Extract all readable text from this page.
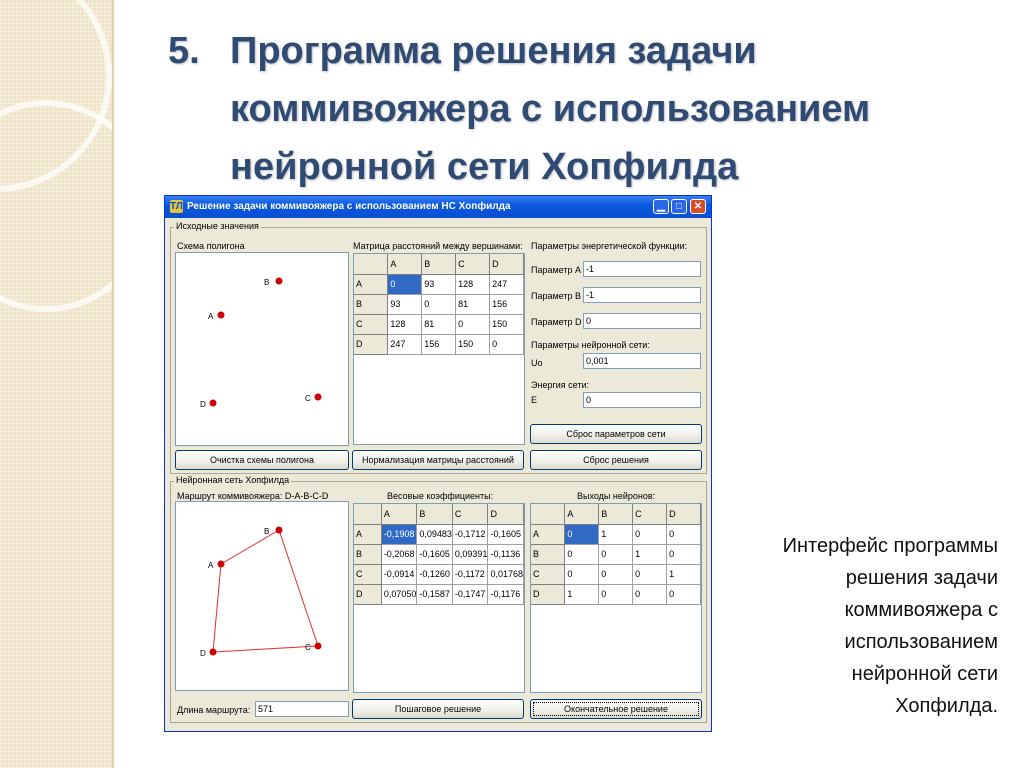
5. Программа решения задачи
коммивояжера с использованием
нейронной сети Хопфилда
Интерфейс программы
решения задачи
коммивояжера с
использованием
нейронной сети
Хопфилда.
ТЛ Решение задачи коммивояжера с использованием НС Хопфилда	▁	□	✕
Исходные значения
Схема полигона
B
A
C
D
Матрица расстояний между вершинами:
	A	B	C	D
A	0	93	128	247
B	93	0	81	156
C	128	81	0	150
D	247	156	150	0
Параметры энергетической функции:
Параметр A -1
Параметр B -1
Параметр D 0
Параметры нейронной сети:
Uo	0,001
Энергия сети:
E	0
Сброс параметров сети
Очистка схемы полигона	Нормализация матрицы расстояний	Сброс решения
Нейронная сеть Хопфилда
Маршрут коммивояжера: D-A-B-C-D
B
A
C
D
Весовые коэффициенты:
	A	B	C	D
A	-0,1908	0,09483	-0,1712	-0,1605
B	-0,2068	-0,1605	0,09391	-0,1136
C	-0,0914	-0,1260	-0,1172	0,01768
D	0,07050	-0,1587	-0,1747	-0,1176
Выходы нейронов:
	A	B	C	D
A	0	1	0	0
B	0	0	1	0
C	0	0	0	1
D	1	0	0	0
Длина маршрута: 571	Пошаговое решение	Окончательное решение
